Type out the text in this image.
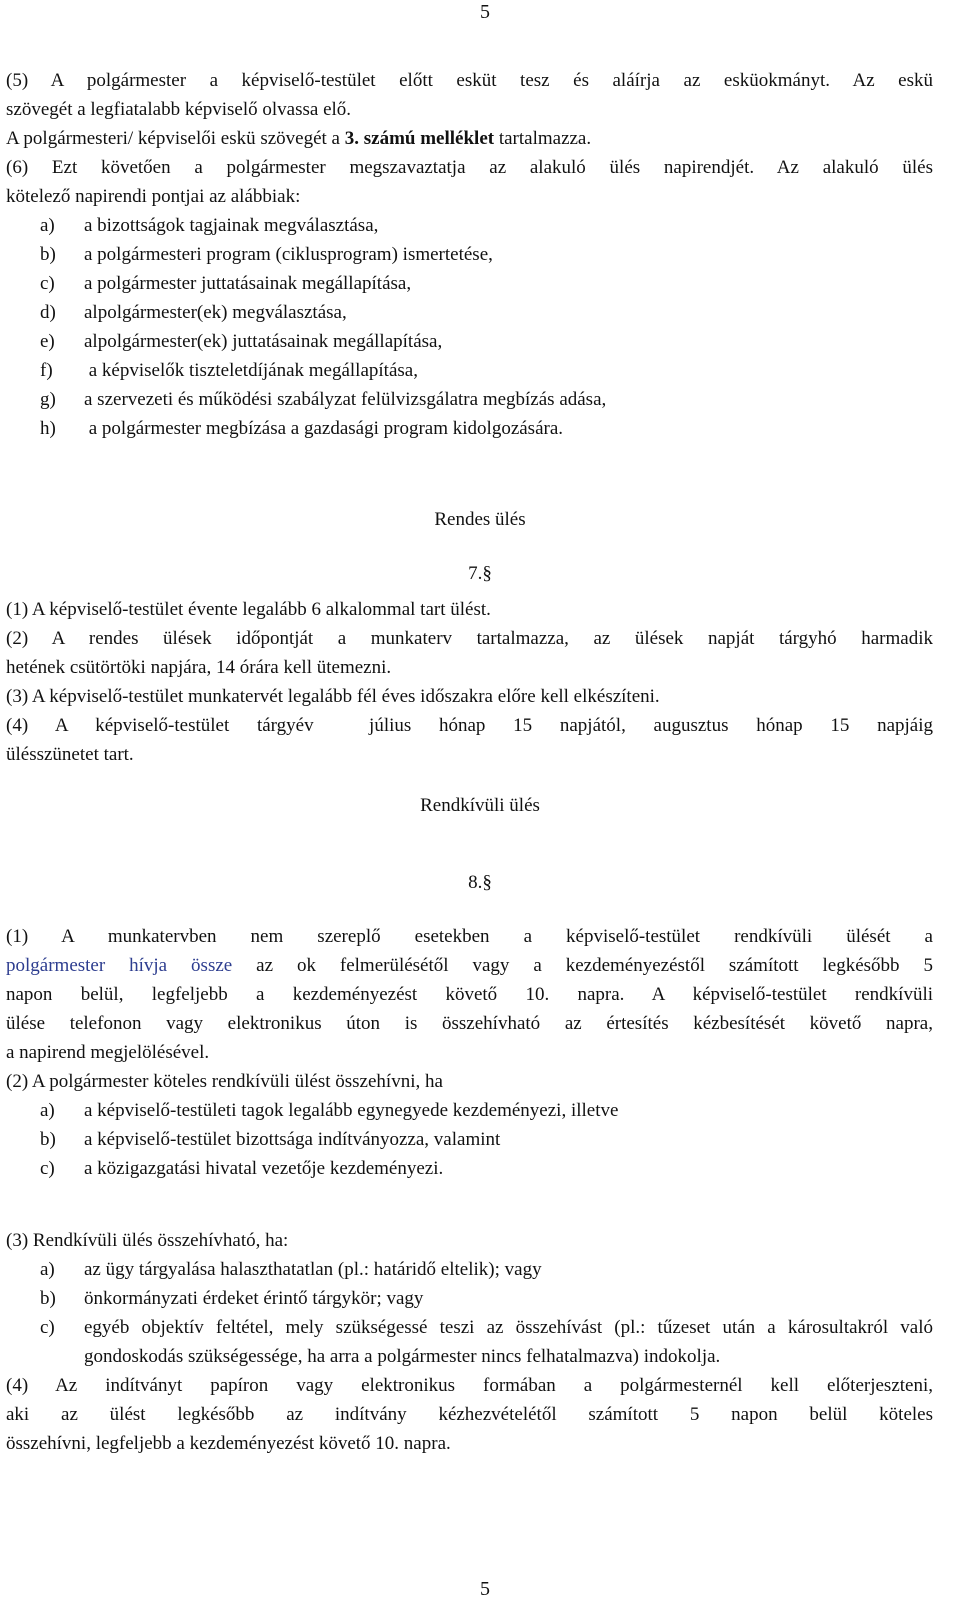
5

(5) A polgármester a képviselő-testület előtt esküt tesz és aláírja az esküokmányt. Az eskü

szövegét a legfiatalabb képviselő olvassa elő.

A polgármesteri/ képviselői eskü szövegét a 3. számú melléklet tartalmazza.

(6) Ezt követően a polgármester megszavaztatja az alakuló ülés napirendjét. Az alakuló ülés

kötelező napirendi pontjai az alábbiak:

a)	a bizottságok tagjainak megválasztása,
b)	a polgármesteri program (ciklusprogram) ismertetése,
c)	a polgármester juttatásainak megállapítása,
d)	alpolgármester(ek) megválasztása,
e)	alpolgármester(ek) juttatásainak megállapítása,
f)	a képviselők tiszteletdíjának megállapítása,
g)	a szervezeti és működési szabályzat felülvizsgálatra megbízás adása,
h)	a polgármester megbízása a gazdasági program kidolgozására.
Rendes ülés
7.§

(1) A képviselő-testület évente legalább 6 alkalommal tart ülést.

(2) A rendes ülések időpontját a munkaterv tartalmazza, az ülések napját tárgyhó harmadik

hetének csütörtöki napjára, 14 órára kell ütemezni.

(3) A képviselő-testület munkatervét legalább fél éves időszakra előre kell elkészíteni.

(4) A képviselő-testület tárgyév  július hónap 15 napjától, augusztus hónap 15 napjáig

ülésszünetet tart.

Rendkívüli ülés
8.§

(1) A munkatervben nem szereplő esetekben a képviselő-testület rendkívüli ülését a

polgármester hívja össze az ok felmerülésétől vagy a kezdeményezéstől számított legkésőbb 5

napon belül, legfeljebb a kezdeményezést követő 10. napra. A képviselő-testület rendkívüli

ülése telefonon vagy elektronikus úton is összehívható az értesítés kézbesítését követő napra,

a napirend megjelölésével.

(2) A polgármester köteles rendkívüli ülést összehívni, ha

a)	a képviselő-testületi tagok legalább egynegyede kezdeményezi, illetve
b)	a képviselő-testület bizottsága indítványozza, valamint
c)	a közigazgatási hivatal vezetője kezdeményezi.

(3) Rendkívüli ülés összehívható, ha:

a)	az ügy tárgyalása halaszthatatlan (pl.: határidő eltelik); vagy
b)	önkormányzati érdeket érintő tárgykör; vagy
c)	egyéb objektív feltétel, mely szükségessé teszi az összehívást (pl.: tűzeset után a károsultakról való gondoskodás szükségessége, ha arra a polgármester nincs felhatalmazva) indokolja.

(4) Az indítványt papíron vagy elektronikus formában a polgármesternél kell előterjeszteni,

aki az ülést legkésőbb az indítvány kézhezvételétől számított 5 napon belül köteles

összehívni, legfeljebb a kezdeményezést követő 10. napra.

5
